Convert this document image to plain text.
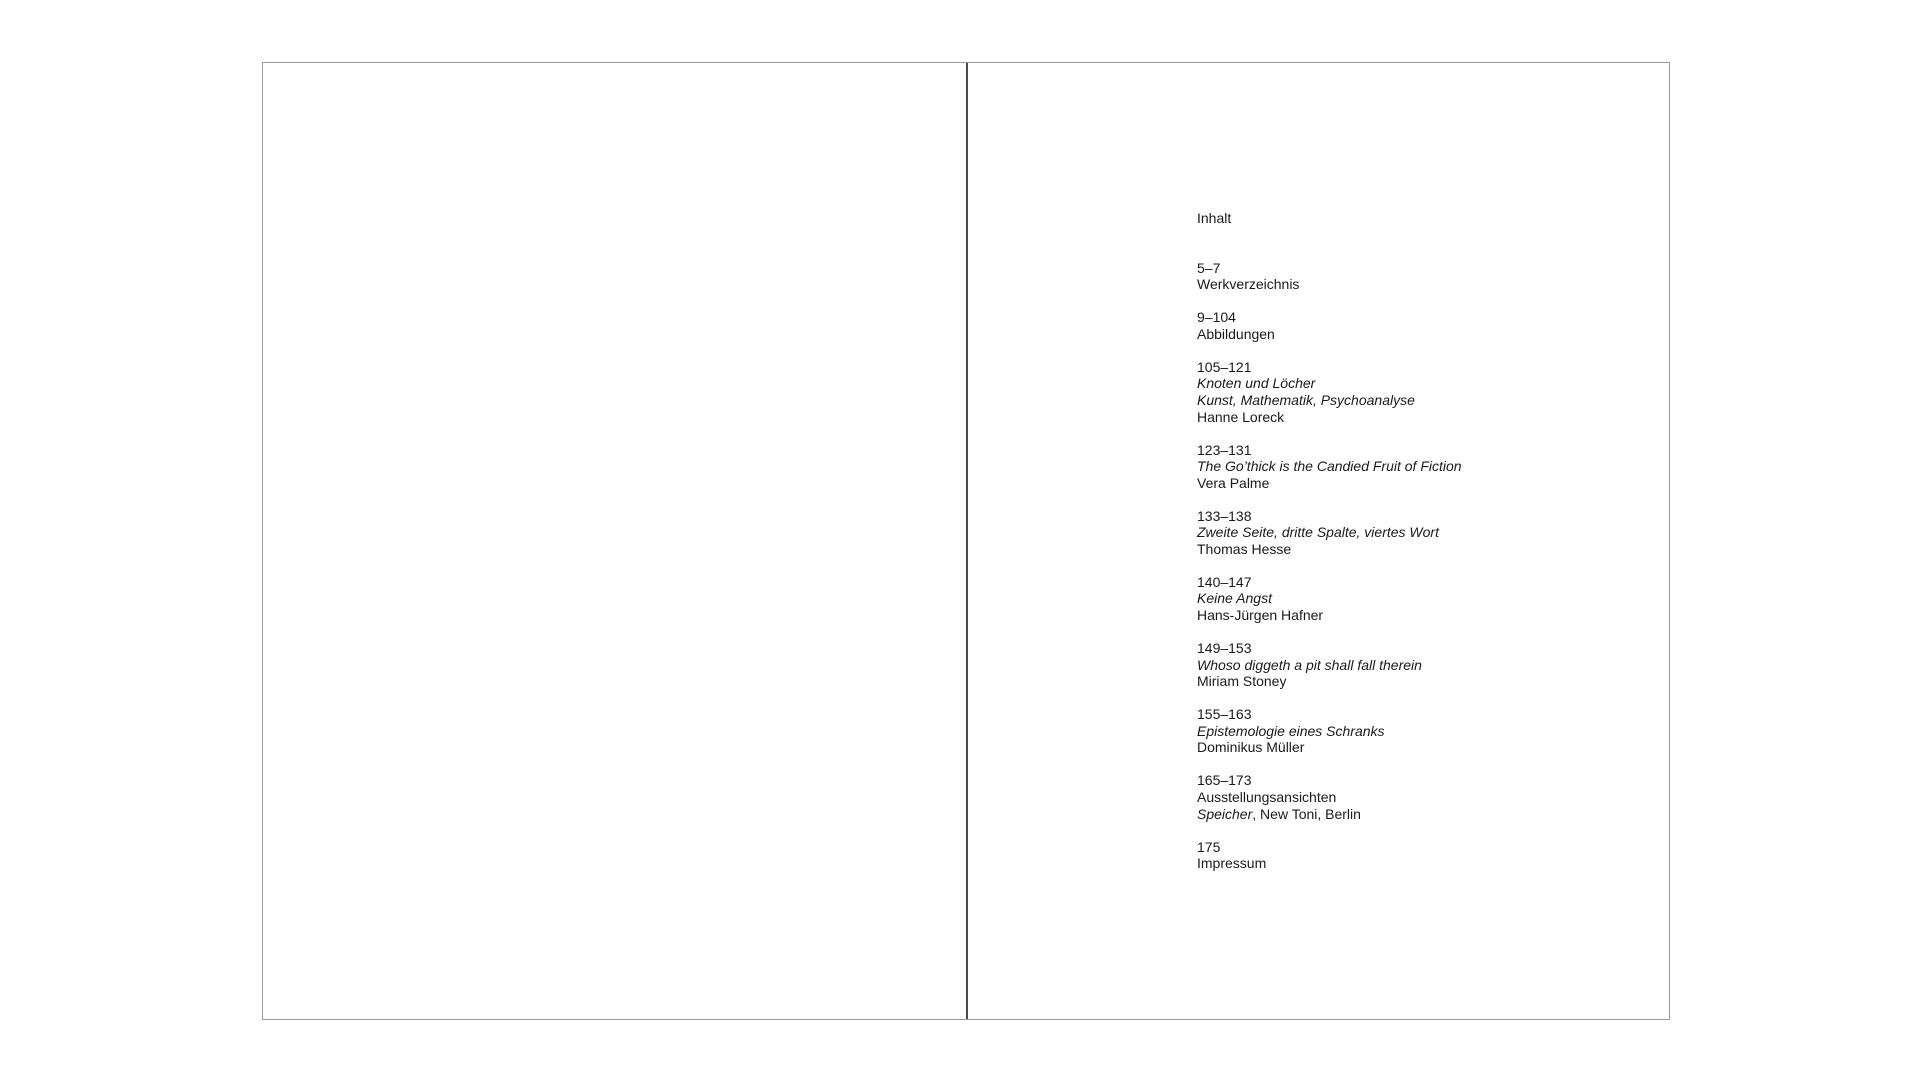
Inhalt
5–7
Werkverzeichnis
9–104
Abbildungen
105–121
Knoten und Löcher
Kunst, Mathematik, Psychoanalyse
Hanne Loreck
123–131
The Go’thick is the Candied Fruit of Fiction
Vera Palme
133–138
Zweite Seite, dritte Spalte, viertes Wort
Thomas Hesse
140–147
Keine Angst
Hans-Jürgen Hafner
149–153
Whoso diggeth a pit shall fall therein
Miriam Stoney
155–163
Epistemologie eines Schranks
Dominikus Müller
165–173
Ausstellungsansichten
Speicher, New Toni, Berlin
175
Impressum
